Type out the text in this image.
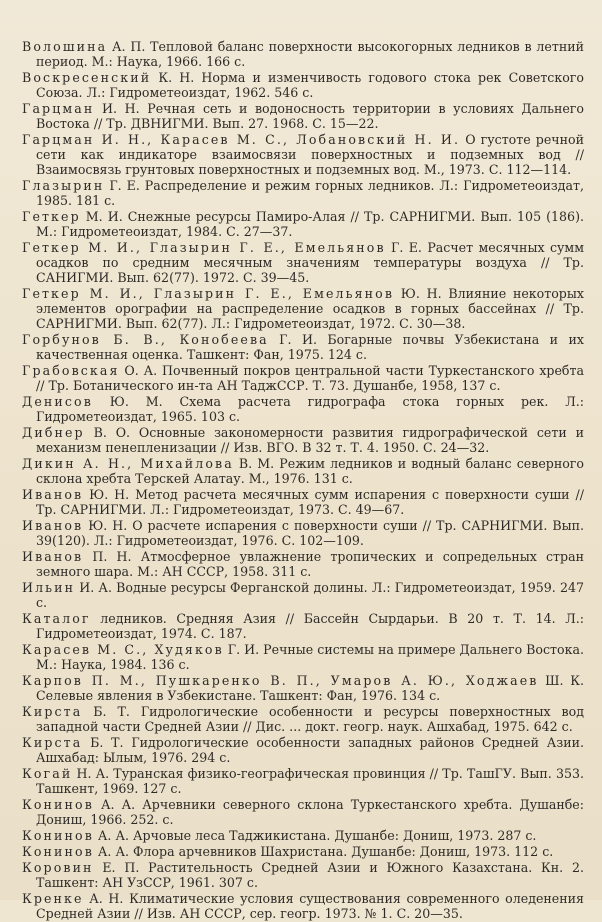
Волошина А. П. Тепловой баланс поверхности высокогорных ледников в летний период. М.: Наука, 1966. 166 с.
Воскресенский К. Н. Норма и изменчивость годового стока рек Советского Союза. Л.: Гидрометеоиздат, 1962. 546 с.
Гарцман И. Н. Речная сеть и водоносность территории в условиях Дальнего Востока // Тр. ДВНИГМИ. Вып. 27. 1968. С. 15—22.
Гарцман И. Н., Карасев М. С., Лобановский Н. И. О густоте речной сети как индикаторе взаимосвязи поверхностных и подземных вод // Взаимосвязь грунтовых поверхностных и подземных вод. М., 1973. С. 112—114.
Глазырин Г. Е. Распределение и режим горных ледников. Л.: Гидрометеоиздат, 1985. 181 с.
Геткер М. И. Снежные ресурсы Памиро-Алая // Тр. САРНИГМИ. Вып. 105 (186). М.: Гидрометеоиздат, 1984. С. 27—37.
Геткер М. И., Глазырин Г. Е., Емельянов Г. Е. Расчет месячных сумм осадков по средним месячным значениям температуры воздуха // Тр. САНИГМИ. Вып. 62(77). 1972. С. 39—45.
Геткер М. И., Глазырин Г. Е., Емельянов Ю. Н. Влияние некоторых элементов орографии на распределение осадков в горных бассейнах // Тр. САРНИГМИ. Вып. 62(77). Л.: Гидрометеоиздат, 1972. С. 30—38.
Горбунов Б. В., Конобеева Г. И. Богарные почвы Узбекистана и их качественная оценка. Ташкент: Фан, 1975. 124 с.
Грабовская О. А. Почвенный покров центральной части Туркестанского хребта // Тр. Ботанического ин-та АН ТаджССР. Т. 73. Душанбе, 1958, 137 с.
Денисов Ю. М. Схема расчета гидрографа стока горных рек. Л.: Гидрометеоиздат, 1965. 103 с.
Дибнер В. О. Основные закономерности развития гидрографической сети и механизм пенепленизации // Изв. ВГО. В 32 т. Т. 4. 1950. С. 24—32.
Дикин А. Н., Михайлова В. М. Режим ледников и водный баланс северного склона хребта Терскей Алатау. М., 1976. 131 с.
Иванов Ю. Н. Метод расчета месячных сумм испарения с поверхности суши // Тр. САРНИГМИ. Л.: Гидрометеоиздат, 1973. С. 49—67.
Иванов Ю. Н. О расчете испарения с поверхности суши // Тр. САРНИГМИ. Вып. 39(120). Л.: Гидрометеоиздат, 1976. С. 102—109.
Иванов П. Н. Атмосферное увлажнение тропических и сопредельных стран земного шара. М.: АН СССР, 1958. 311 с.
Ильин И. А. Водные ресурсы Ферганской долины. Л.: Гидрометеоиздат, 1959. 247 с.
Каталог ледников. Средняя Азия // Бассейн Сырдарьи. В 20 т. Т. 14. Л.: Гидрометеоиздат, 1974. С. 187.
Карасев М. С., Худяков Г. И. Речные системы на примере Дальнего Востока. М.: Наука, 1984. 136 с.
Карпов П. М., Пушкаренко В. П., Умаров А. Ю., Ходжаев Ш. К. Селевые явления в Узбекистане. Ташкент: Фан, 1976. 134 с.
Кирста Б. Т. Гидрологические особенности и ресурсы поверхностных вод западной части Средней Азии // Дис. ... докт. геогр. наук. Ашхабад, 1975. 642 с.
Кирста Б. Т. Гидрологические особенности западных районов Средней Азии. Ашхабад: Ылым, 1976. 294 с.
Когай Н. А. Туранская физико-географическая провинция // Тр. ТашГУ. Вып. 353. Ташкент, 1969. 127 с.
Конинов А. А. Арчевники северного склона Туркестанского хребта. Душанбе: Дониш, 1966. 252. с.
Конинов А. А. Арчовые леса Таджикистана. Душанбе: Дониш, 1973. 287 с.
Конинов А. А. Флора арчевников Шахристана. Душанбе: Дониш, 1973. 112 с.
Коровин Е. П. Растительность Средней Азии и Южного Казахстана. Кн. 2. Ташкент: АН УзССР, 1961. 307 с.
Кренке А. Н. Климатические условия существования современного оледенения Средней Азии // Изв. АН СССР, сер. геогр. 1973. № 1. С. 20—35.
